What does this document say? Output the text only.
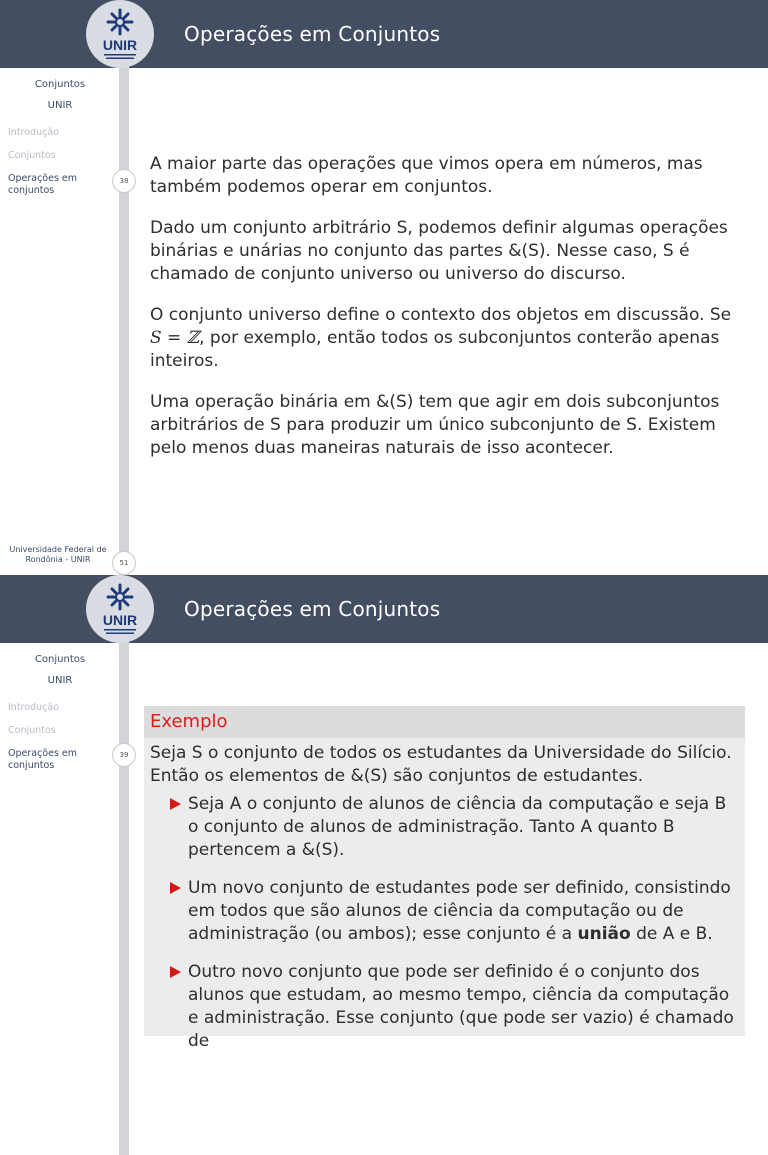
Operações em Conjuntos
UNIR
Conjuntos
UNIR
Introdução
Conjuntos
Operações em conjuntos
38

A maior parte das operações que vimos opera em números, mas também podemos operar em conjuntos.

Dado um conjunto arbitrário S, podemos definir algumas operações binárias e unárias no conjunto das partes &(S). Nesse caso, S é chamado de conjunto universo ou universo do discurso.

O conjunto universo define o contexto dos objetos em discussão. Se
S = ℤ, por exemplo, então todos os subconjuntos conterão apenas inteiros.

Uma operação binária em &(S) tem que agir em dois subconjuntos arbitrários de S para produzir um único subconjunto de S. Existem pelo menos duas maneiras naturais de isso acontecer.

Universidade Federal de Rondônia - UNIR	51
Operações em Conjuntos
UNIR
Conjuntos
UNIR
Introdução
Conjuntos
Operações em conjuntos
39
Exemplo
Seja S o conjunto de todos os estudantes da Universidade do Silício. Então os elementos de &(S) são conjuntos de estudantes.
Seja A o conjunto de alunos de ciência da computação e seja B o conjunto de alunos de administração. Tanto A quanto B pertencem a &(S).
Um novo conjunto de estudantes pode ser definido, consistindo em todos que são alunos de ciência da computação ou de administração (ou ambos); esse conjunto é a união de A e B.
Outro novo conjunto que pode ser definido é o conjunto dos alunos que estudam, ao mesmo tempo, ciência da computação e administração. Esse conjunto (que pode ser vazio) é chamado de
